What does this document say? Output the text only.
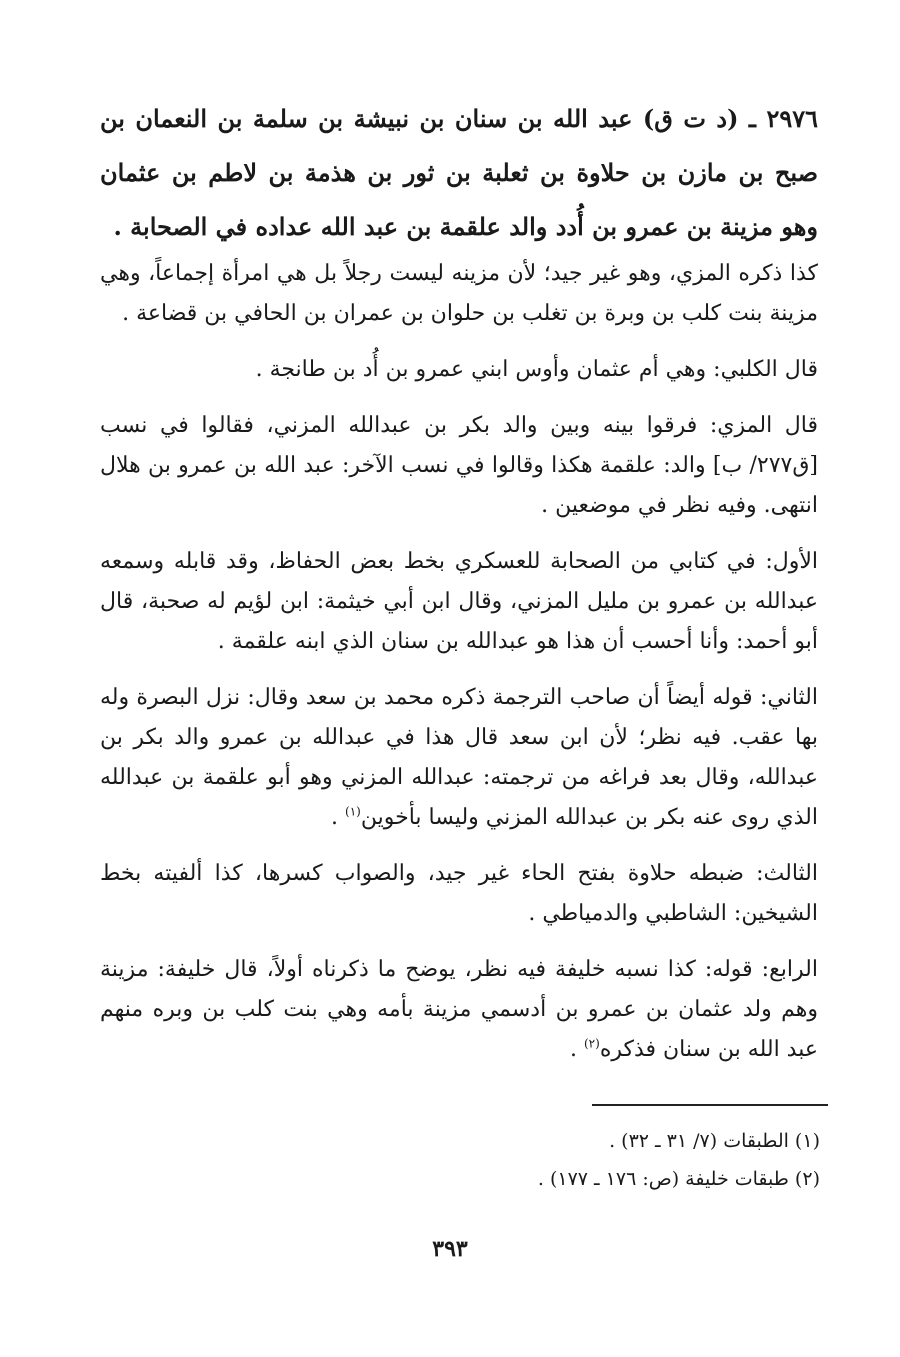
٢٩٧٦ ـ (د ت ق) عبد الله بن سنان بن نبيشة بن سلمة بن النعمان بن صبح بن مازن بن حلاوة بن ثعلبة بن ثور بن هذمة بن لاطم بن عثمان وهو مزينة بن عمرو بن أُدد والد علقمة بن عبد الله عداده في الصحابة .

كذا ذكره المزي، وهو غير جيد؛ لأن مزينه ليست رجلاً بل هي امرأة إجماعاً، وهي مزينة بنت كلب بن وبرة بن تغلب بن حلوان بن عمران بن الحافي بن قضاعة .

قال الكلبي: وهي أم عثمان وأوس ابني عمرو بن أُد بن طانجة .

قال المزي: فرقوا بينه وبين والد بكر بن عبدالله المزني، فقالوا في نسب [ق٢٧٧/ ب] والد: علقمة هكذا وقالوا في نسب الآخر: عبد الله بن عمرو بن هلال انتهى. وفيه نظر في موضعين .

الأول: في كتابي من الصحابة للعسكري بخط بعض الحفاظ، وقد قابله وسمعه عبدالله بن عمرو بن مليل المزني، وقال ابن أبي خيثمة: ابن لؤيم له صحبة، قال أبو أحمد: وأنا أحسب أن هذا هو عبدالله بن سنان الذي ابنه علقمة .

الثاني: قوله أيضاً أن صاحب الترجمة ذكره محمد بن سعد وقال: نزل البصرة وله بها عقب. فيه نظر؛ لأن ابن سعد قال هذا في عبدالله بن عمرو والد بكر بن عبدالله، وقال بعد فراغه من ترجمته: عبدالله المزني وهو أبو علقمة بن عبدالله الذي روى عنه بكر بن عبدالله المزني وليسا بأخوين$^{(١)}$ .

الثالث: ضبطه حلاوة بفتح الحاء غير جيد، والصواب كسرها، كذا ألفيته بخط الشيخين: الشاطبي والدمياطي .

الرابع: قوله: كذا نسبه خليفة فيه نظر، يوضح ما ذكرناه أولاً، قال خليفة: مزينة وهم ولد عثمان بن عمرو بن أدسمي مزينة بأمه وهي بنت كلب بن وبره منهم عبد الله بن سنان فذكره$^{(٢)}$ .

(١) الطبقات (٧/ ٣١ ـ ٣٢) .

(٢) طبقات خليفة (ص: ١٧٦ ـ ١٧٧) .

٣٩٣
